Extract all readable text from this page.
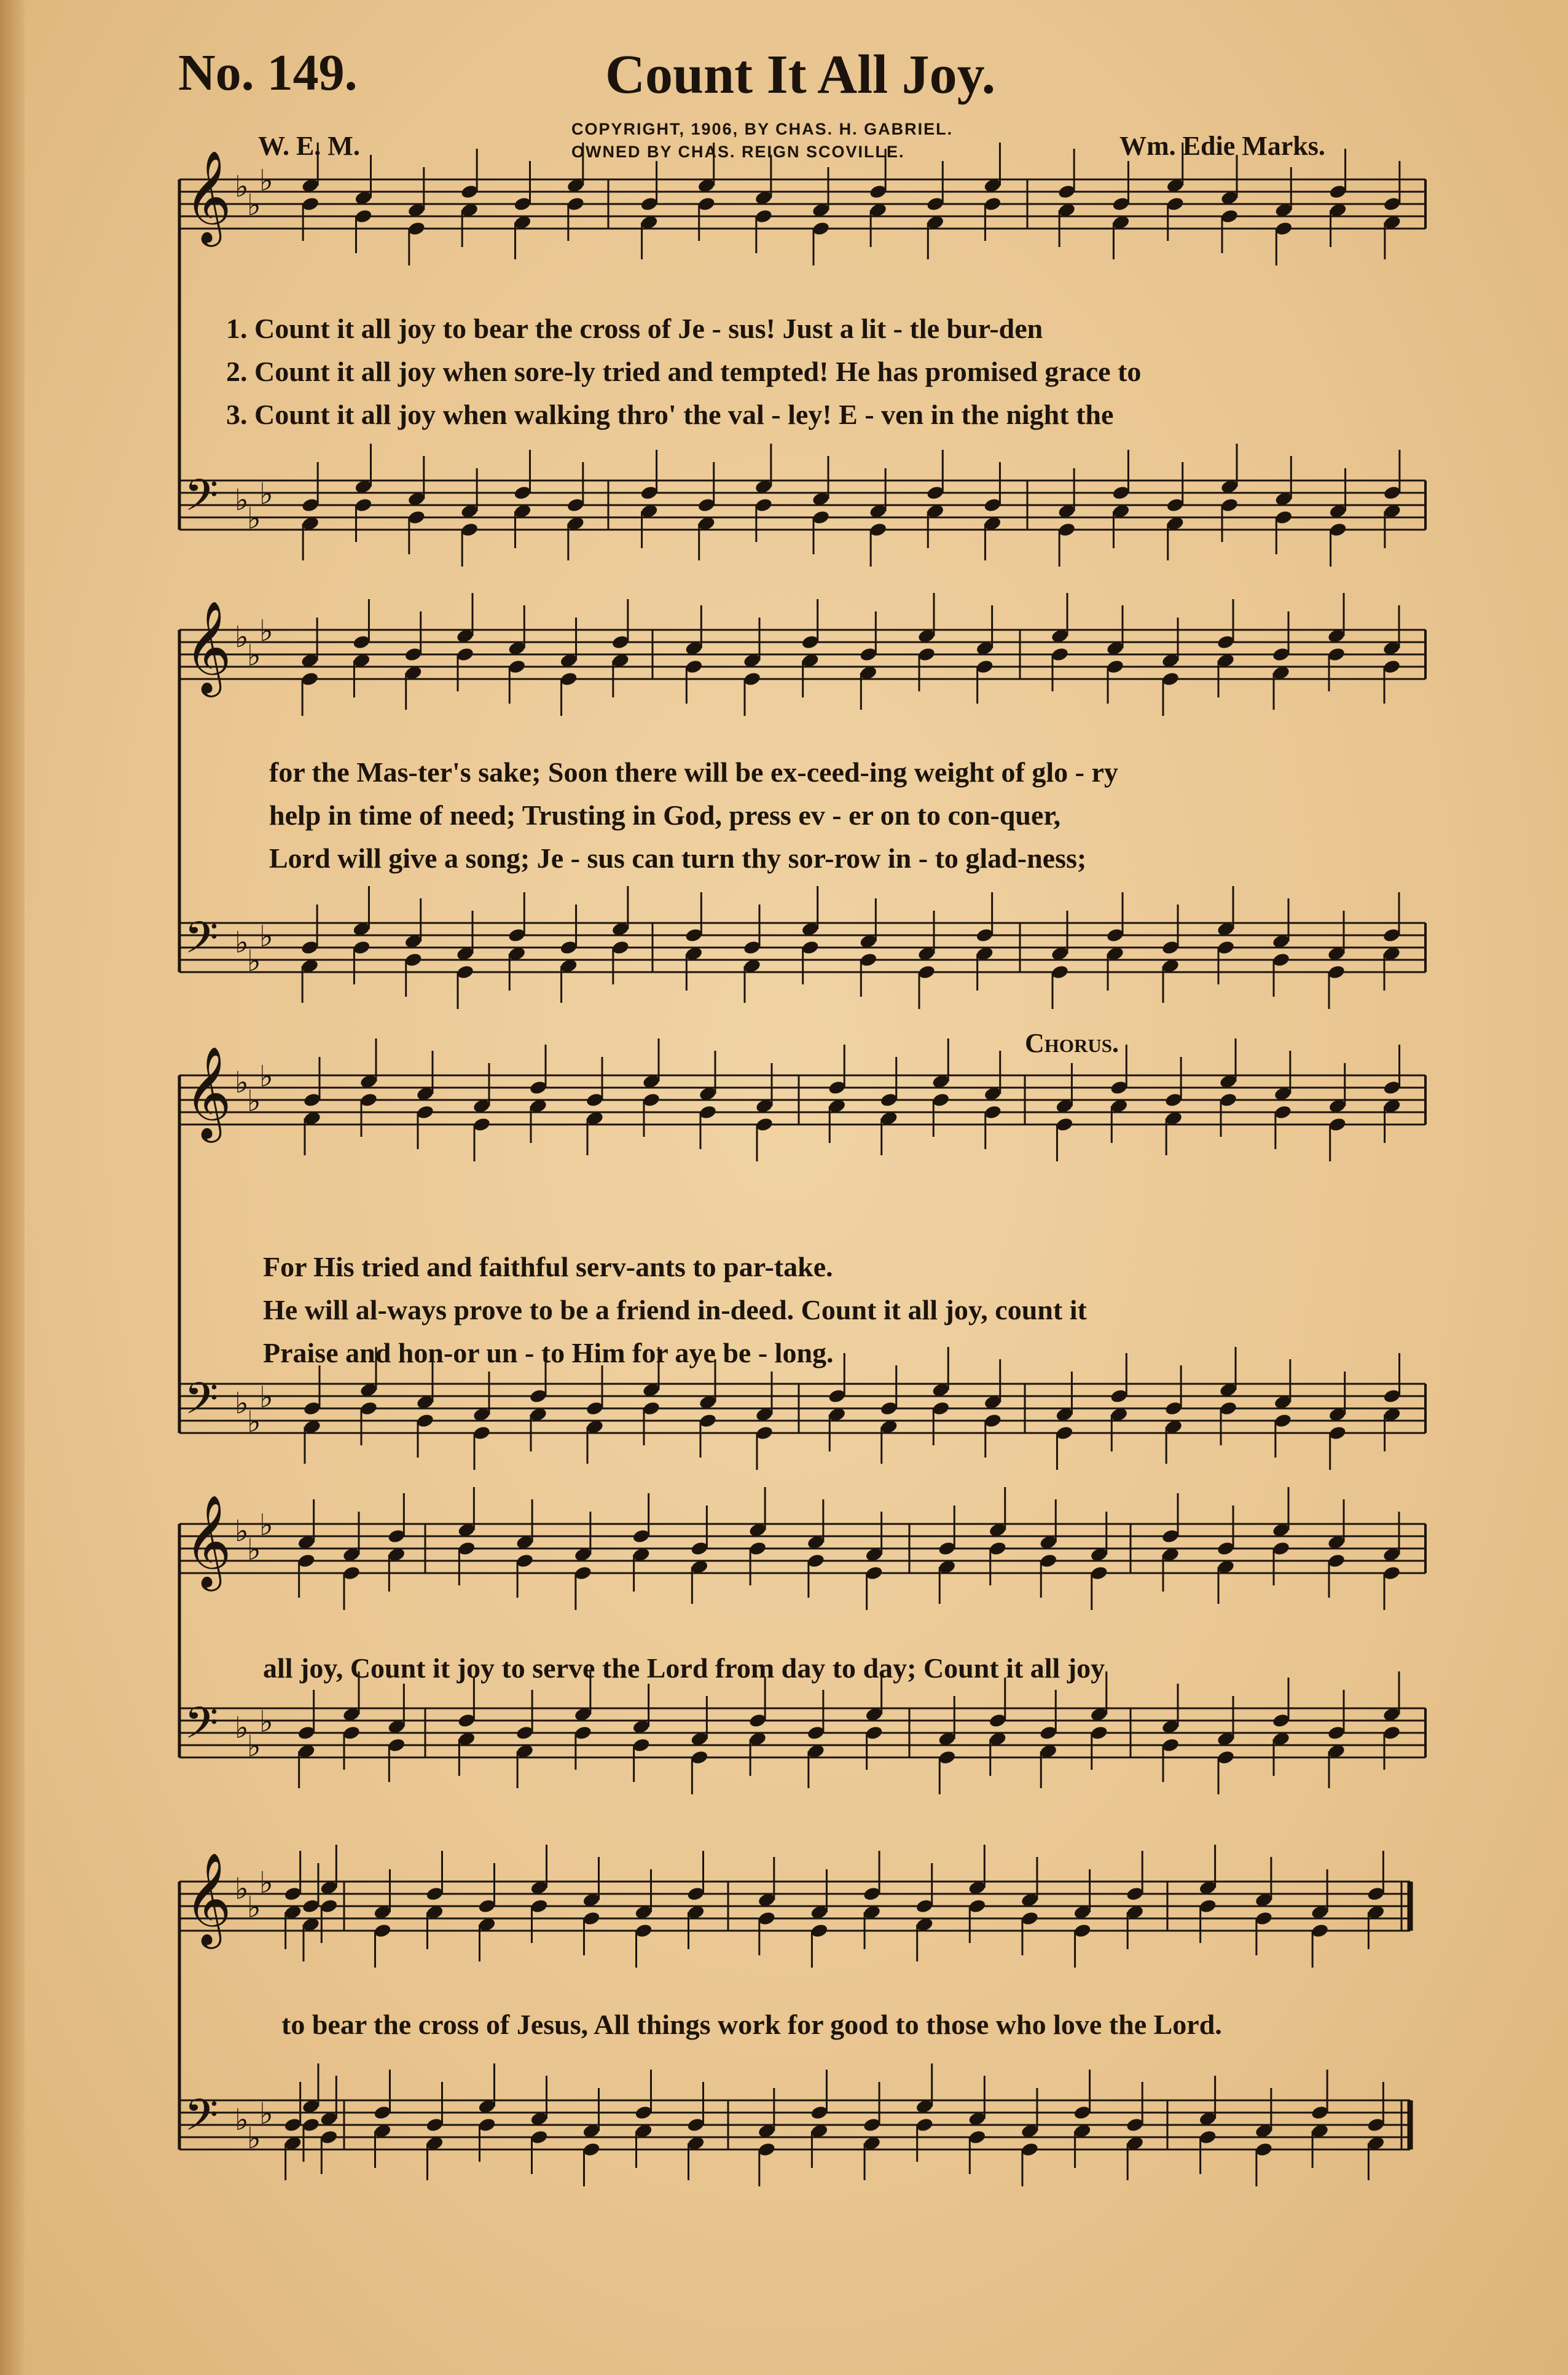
No. 149.	Count It All Joy.
W. E. M.	Wm. Edie Marks.
COPYRIGHT, 1906, BY CHAS. H. GABRIEL.
OWNED BY CHAS. REIGN SCOVILLE.
Chorus.
𝄞 ♭
♭
♭
𝄢 ♭
♭
♭
𝄞 ♭
♭
♭
𝄢 ♭
♭
♭
𝄞 ♭
♭
♭
𝄢 ♭
♭
♭
𝄞 ♭
♭
♭
𝄢 ♭
♭
♭
𝄞 ♭
♭
♭
𝄢 ♭
♭
♭
1. Count it all joy to bear the cross of Je - sus! Just a lit - tle bur-den
2. Count it all joy when sore-ly tried and tempted! He has promised grace to
3. Count it all joy when walking thro' the val - ley! E - ven in the night the
for the Mas-ter's sake; Soon there will be ex-ceed-ing weight of glo - ry
help in time of need; Trusting in God, press ev - er on to con-quer,
Lord will give a song; Je - sus can turn thy sor-row in - to glad-ness;
For His tried and faithful serv-ants to par-take.
He will al-ways prove to be a friend in-deed. Count it all joy, count it
Praise and hon-or un - to Him for aye be - long.
all joy, Count it joy to serve the Lord from day to day; Count it all joy
to bear the cross of Jesus, All things work for good to those who love the Lord.
